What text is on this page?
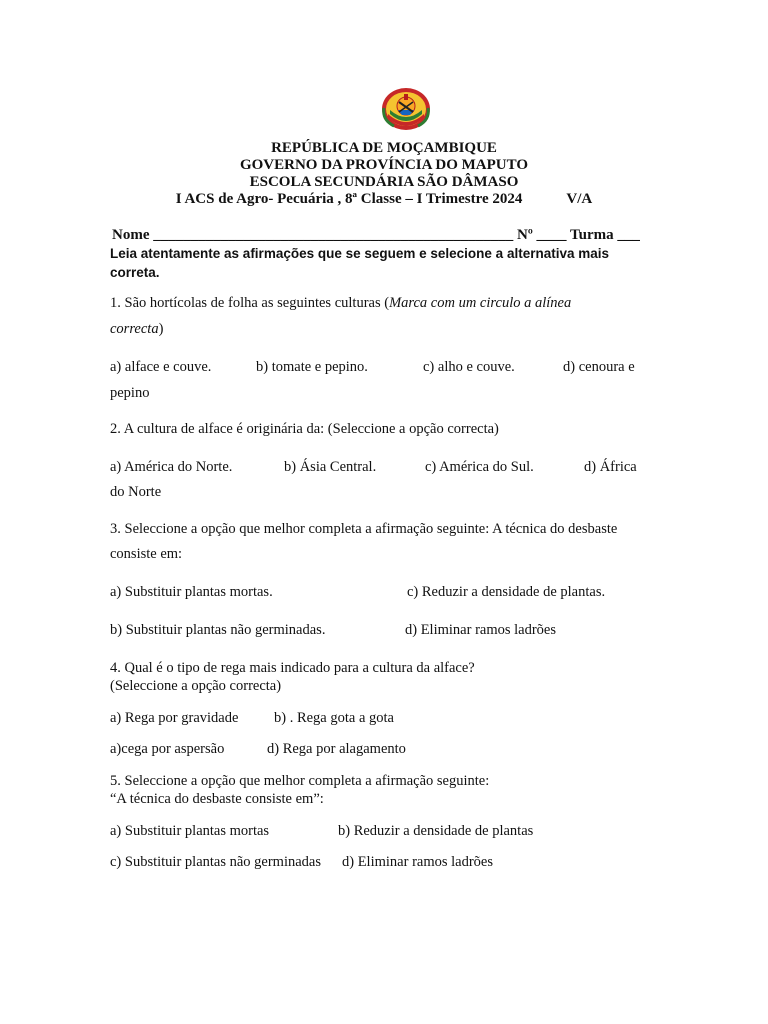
REPÚBLICA DE MOÇAMBIQUE
GOVERNO DA PROVÍNCIA DO MAPUTO
ESCOLA SECUNDÁRIA SÃO DÂMASO
I ACS de Agro- Pecuária , 8ª Classe – I Trimestre 2024	V/A
Nome ________________________________________________ Nº ____ Turma ___
Leia atentamente as afirmações que se seguem e selecione a alternativa mais correta.
1. São hortícolas de folha as seguintes culturas (Marca com um circulo a alínea
correcta)
a) alface e couve.	b) tomate e pepino.	c) alho e couve.	d) cenoura e
pepino
2. A cultura de alface é originária da: (Seleccione a opção correcta)
a) América do Norte.	b) Ásia Central.	c) América do Sul.	d) África
do Norte
3. Seleccione a opção que melhor completa a afirmação seguinte: A técnica do desbaste
consiste em:
a) Substituir plantas mortas.	c) Reduzir a densidade de plantas.
b) Substituir plantas não germinadas.	d) Eliminar ramos ladrões
4. Qual é o tipo de rega mais indicado para a cultura da alface?
(Seleccione a opção correcta)
a) Rega por gravidade b) . Rega gota a gota
a)cega por aspersão	d) Rega por alagamento
5. Seleccione a opção que melhor completa a afirmação seguinte:
“A técnica do desbaste consiste em”:
a) Substituir plantas mortas	b) Reduzir a densidade de plantas
c) Substituir plantas não germinadas d) Eliminar ramos ladrões
